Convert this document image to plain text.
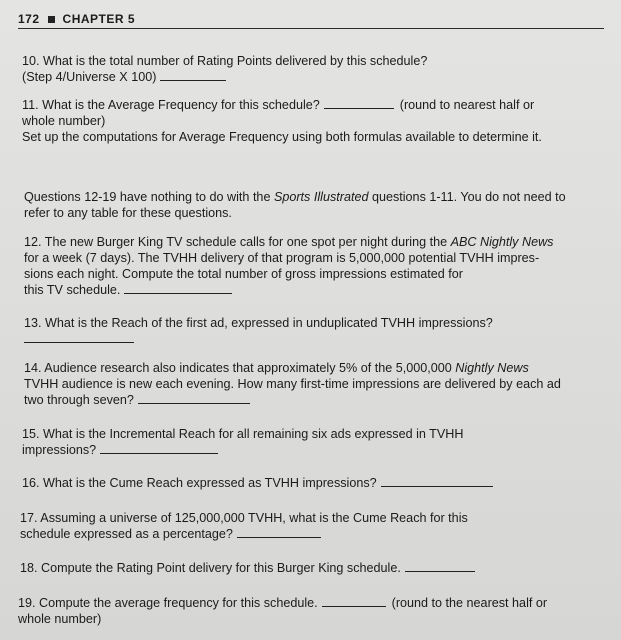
172 CHAPTER 5
10. What is the total number of Rating Points delivered by this schedule?
(Step 4/Universe X 100)
11. What is the Average Frequency for this schedule?	(round to nearest half or
whole number)
Set up the computations for Average Frequency using both formulas available to determine it.
Questions 12-19 have nothing to do with the Sports Illustrated questions 1-11. You do not need to
refer to any table for these questions.
12. The new Burger King TV schedule calls for one spot per night during the ABC Nightly News
for a week (7 days). The TVHH delivery of that program is 5,000,000 potential TVHH impres-
sions each night. Compute the total number of gross impressions estimated for
this TV schedule.
13. What is the Reach of the first ad, expressed in unduplicated TVHH impressions?
14. Audience research also indicates that approximately 5% of the 5,000,000 Nightly News
TVHH audience is new each evening. How many first-time impressions are delivered by each ad
two through seven?
15. What is the Incremental Reach for all remaining six ads expressed in TVHH
impressions?
16. What is the Cume Reach expressed as TVHH impressions?
17. Assuming a universe of 125,000,000 TVHH, what is the Cume Reach for this
schedule expressed as a percentage?
18. Compute the Rating Point delivery for this Burger King schedule.
19. Compute the average frequency for this schedule.	(round to the nearest half or
whole number)
